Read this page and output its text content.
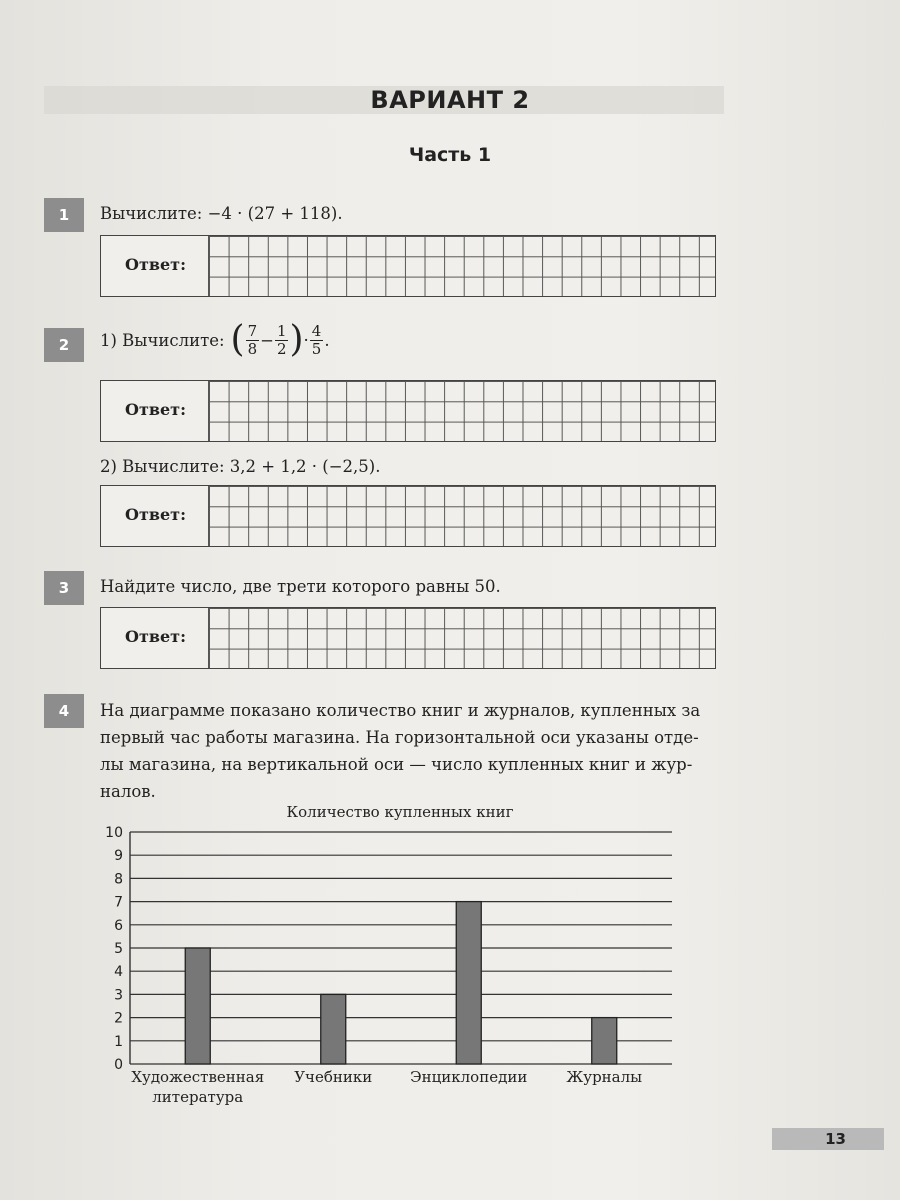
ВАРИАНТ 2
Часть 1
1	Вычислите: −4 · (27 + 118).
Ответ:
2	1) Вычислите: ( $\frac{7}{8} - \frac{1}{2}$ ) · $\frac{4}{5}$ .
Ответ:
2) Вычислите: 3,2 + 1,2 · (−2,5).
Ответ:
3	Найдите число, две трети которого равны 50.
Ответ:
4	На диаграмме показано количество книг и журналов, купленных за
первый час работы магазина. На горизонтальной оси указаны отде-
лы магазина, на вертикальной оси — число купленных книг и жур-
налов.
Количество купленных книг
0
1
2
3
4
5
6
7
8
9
10
Художественная
литература
Учебники	Энциклопедии	Журналы
13
